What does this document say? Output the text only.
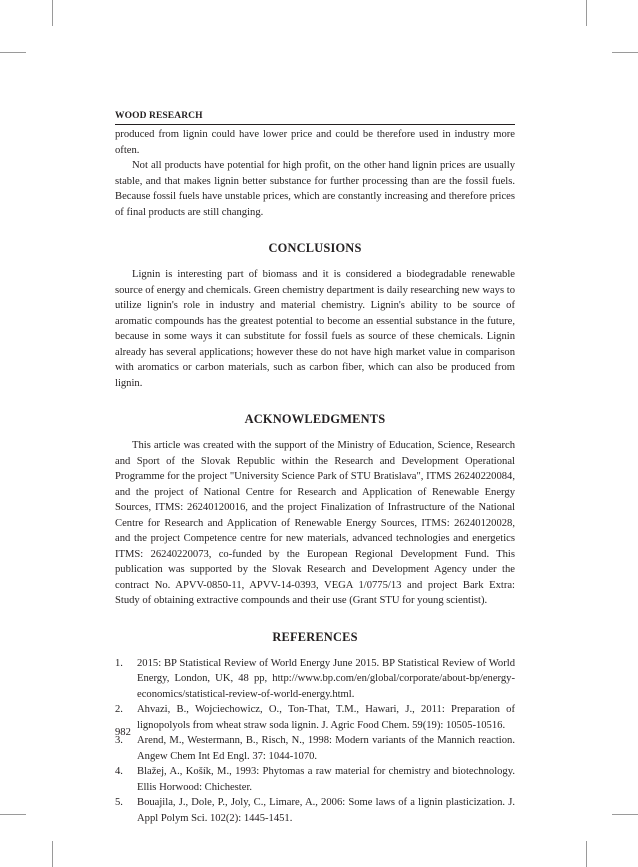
WOOD RESEARCH

produced from lignin could have lower price and could be therefore used in industry more often.

Not all products have potential for high profit, on the other hand lignin prices are usually stable, and that makes lignin better substance for further processing than are the fossil fuels. Because fossil fuels have unstable prices, which are constantly increasing and therefore prices of final products are still changing.

CONCLUSIONS

Lignin is interesting part of biomass and it is considered a biodegradable renewable source of energy and chemicals. Green chemistry department is daily researching new ways to utilize lignin's role in industry and material chemistry. Lignin's ability to be source of aromatic compounds has the greatest potential to become an essential substance in the future, because in some ways it can substitute for fossil fuels as source of these chemicals. Lignin already has several applications; however these do not have high market value in comparison with aromatics or carbon materials, such as carbon fiber, which can also be produced from lignin.

ACKNOWLEDGMENTS

This article was created with the support of the Ministry of Education, Science, Research and Sport of the Slovak Republic within the Research and Development Operational Programme for the project "University Science Park of STU Bratislava", ITMS 26240220084, and the project of National Centre for Research and Application of Renewable Energy Sources, ITMS: 26240120016, and the project Finalization of Infrastructure of the National Centre for Research and Application of Renewable Energy Sources, ITMS: 26240120028, and the project Competence centre for new materials, advanced technologies and energetics ITMS: 26240220073, co-funded by the European Regional Development Fund. This publication was supported by the Slovak Research and Development Agency under the contract No. APVV-0850-11, APVV-14-0393, VEGA 1/0775/13 and project Bark Extra: Study of obtaining extractive compounds and their use (Grant STU for young scientist).

REFERENCES
1. 2015: BP Statistical Review of World Energy June 2015. BP Statistical Review of World Energy, London, UK, 48 pp, http://www.bp.com/en/global/corporate/about-bp/energy-economics/statistical-review-of-world-energy.html.
2. Ahvazi, B., Wojciechowicz, O., Ton-That, T.M., Hawari, J., 2011: Preparation of lignopolyols from wheat straw soda lignin. J. Agric Food Chem. 59(19): 10505-10516.
3. Arend, M., Westermann, B., Risch, N., 1998: Modern variants of the Mannich reaction. Angew Chem Int Ed Engl. 37: 1044-1070.
4. Blažej, A., Košík, M., 1993: Phytomas a raw material for chemistry and biotechnology. Ellis Horwood: Chichester.
5. Bouajila, J., Dole, P., Joly, C., Limare, A., 2006: Some laws of a lignin plasticization. J. Appl Polym Sci. 102(2): 1445-1451.
982
